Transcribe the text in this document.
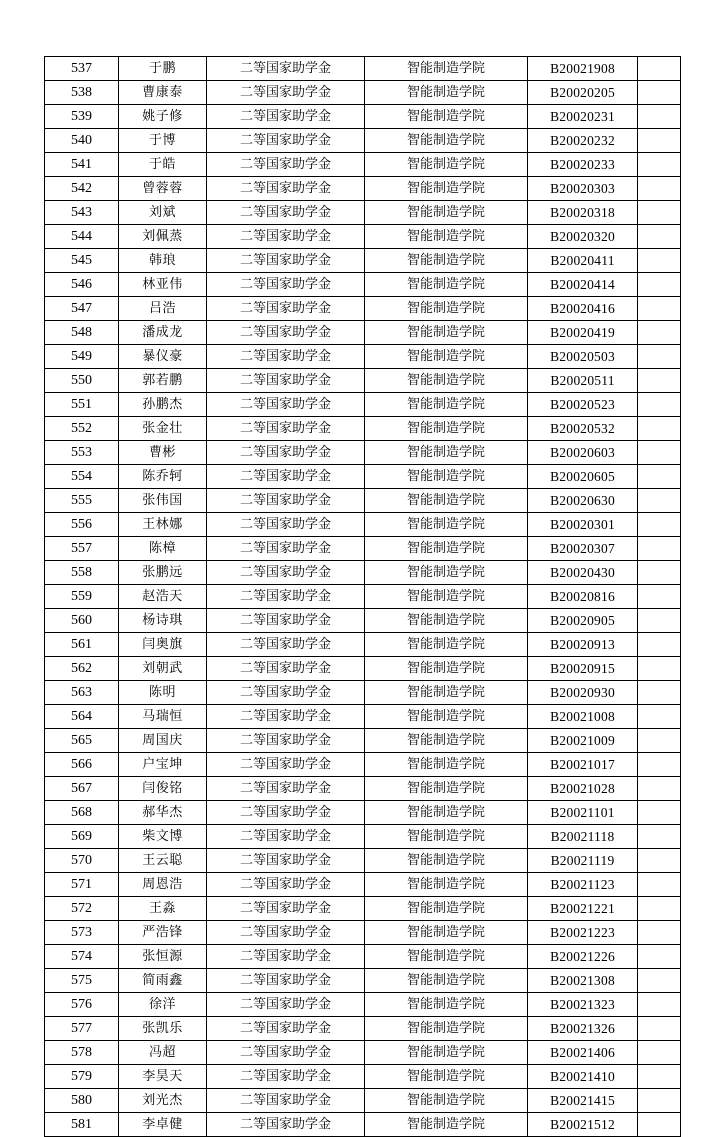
537	于鹏	二等国家助学金	智能制造学院	B20021908	
538	曹康泰	二等国家助学金	智能制造学院	B20020205	
539	姚子修	二等国家助学金	智能制造学院	B20020231	
540	于博	二等国家助学金	智能制造学院	B20020232	
541	于皓	二等国家助学金	智能制造学院	B20020233	
542	曾蓉蓉	二等国家助学金	智能制造学院	B20020303	
543	刘斌	二等国家助学金	智能制造学院	B20020318	
544	刘佩蒸	二等国家助学金	智能制造学院	B20020320	
545	韩琅	二等国家助学金	智能制造学院	B20020411	
546	林亚伟	二等国家助学金	智能制造学院	B20020414	
547	吕浩	二等国家助学金	智能制造学院	B20020416	
548	潘成龙	二等国家助学金	智能制造学院	B20020419	
549	暴仪豪	二等国家助学金	智能制造学院	B20020503	
550	郭若鹏	二等国家助学金	智能制造学院	B20020511	
551	孙鹏杰	二等国家助学金	智能制造学院	B20020523	
552	张金壮	二等国家助学金	智能制造学院	B20020532	
553	曹彬	二等国家助学金	智能制造学院	B20020603	
554	陈乔轲	二等国家助学金	智能制造学院	B20020605	
555	张伟国	二等国家助学金	智能制造学院	B20020630	
556	王林娜	二等国家助学金	智能制造学院	B20020301	
557	陈樟	二等国家助学金	智能制造学院	B20020307	
558	张鹏远	二等国家助学金	智能制造学院	B20020430	
559	赵浩天	二等国家助学金	智能制造学院	B20020816	
560	杨诗琪	二等国家助学金	智能制造学院	B20020905	
561	闫奥旗	二等国家助学金	智能制造学院	B20020913	
562	刘朝武	二等国家助学金	智能制造学院	B20020915	
563	陈明	二等国家助学金	智能制造学院	B20020930	
564	马瑞恒	二等国家助学金	智能制造学院	B20021008	
565	周国庆	二等国家助学金	智能制造学院	B20021009	
566	户宝坤	二等国家助学金	智能制造学院	B20021017	
567	闫俊铭	二等国家助学金	智能制造学院	B20021028	
568	郝华杰	二等国家助学金	智能制造学院	B20021101	
569	柴文博	二等国家助学金	智能制造学院	B20021118	
570	王云聪	二等国家助学金	智能制造学院	B20021119	
571	周恩浩	二等国家助学金	智能制造学院	B20021123	
572	王淼	二等国家助学金	智能制造学院	B20021221	
573	严浩锋	二等国家助学金	智能制造学院	B20021223	
574	张恒源	二等国家助学金	智能制造学院	B20021226	
575	简雨鑫	二等国家助学金	智能制造学院	B20021308	
576	徐洋	二等国家助学金	智能制造学院	B20021323	
577	张凯乐	二等国家助学金	智能制造学院	B20021326	
578	冯超	二等国家助学金	智能制造学院	B20021406	
579	李昊天	二等国家助学金	智能制造学院	B20021410	
580	刘光杰	二等国家助学金	智能制造学院	B20021415	
581	李卓健	二等国家助学金	智能制造学院	B20021512	
